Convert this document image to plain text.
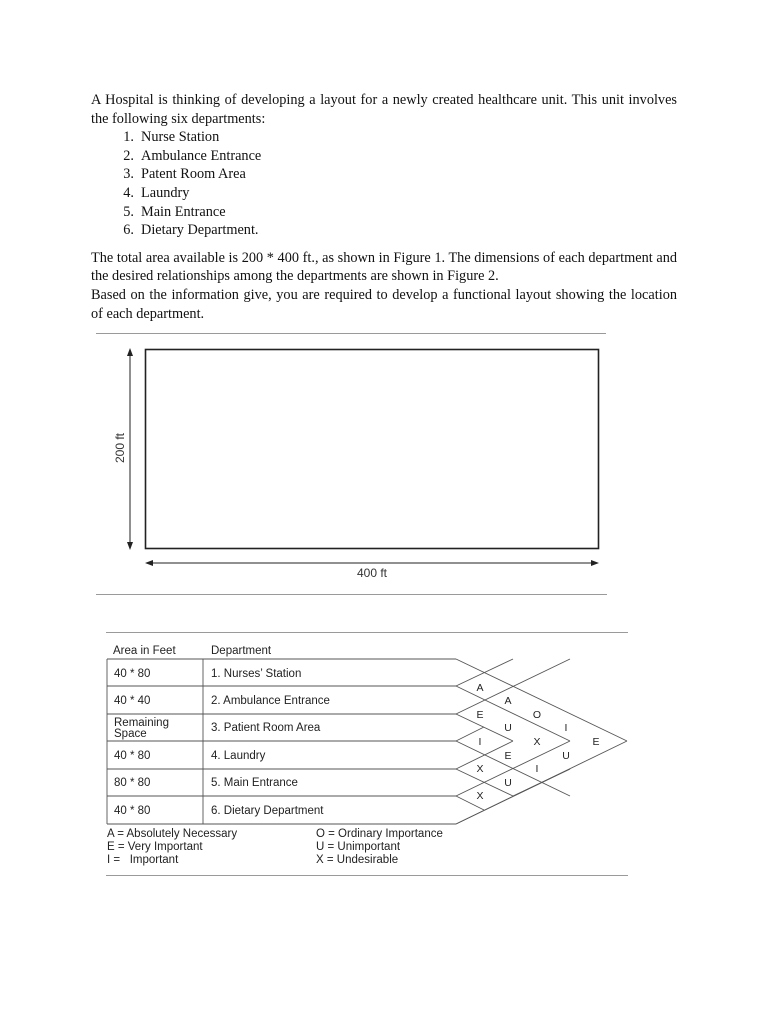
A Hospital is thinking of developing a layout for a newly created healthcare unit. This unit involves the following six departments:

1. Nurse Station
2. Ambulance Entrance
3. Patent Room Area
4. Laundry
5. Main Entrance
6. Dietary Department.

The total area available is 200 * 400 ft., as shown in Figure 1. The dimensions of each department and the desired relationships among the departments are shown in Figure 2.

Based on the information give, you are required to develop a functional layout showing the location of each department.

200 ft
400 ft
Area in Feet	Department
40 * 80
40 * 40
Remaining
Space
40 * 80
80 * 80
40 * 80
1. Nurses’ Station
2. Ambulance Entrance
3. Patient Room Area
4. Laundry
5. Main Entrance
6. Dietary Department
A
A
O
I
E
E
U
X
U
I
E
I
X
U
X
A = Absolutely Necessary
E = Very Important
I =   Important
O = Ordinary Importance
U = Unimportant
X = Undesirable
